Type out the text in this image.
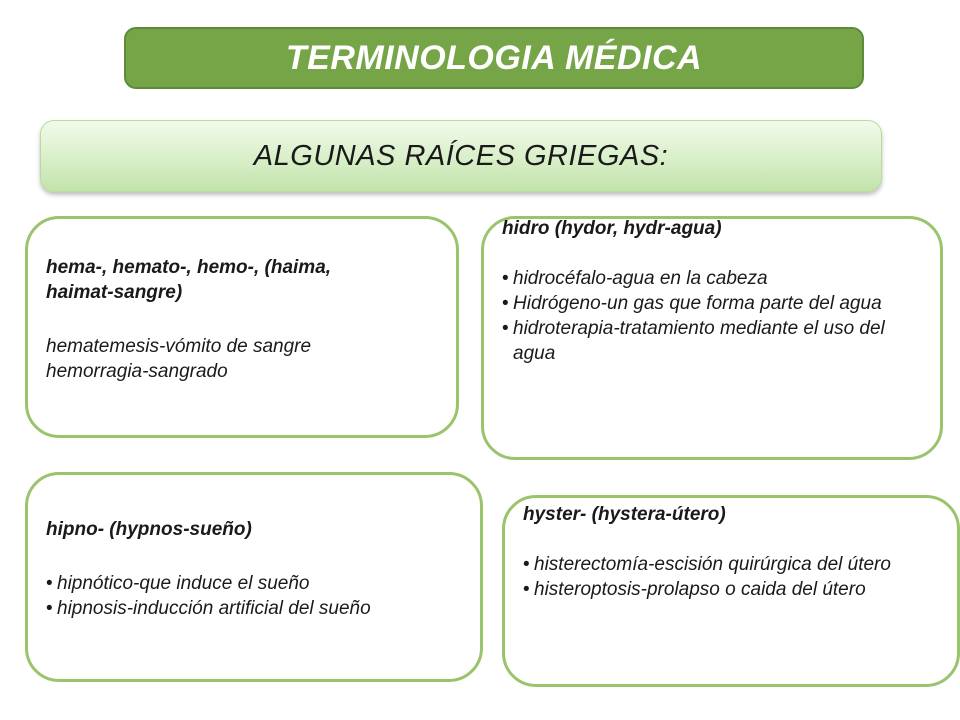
TERMINOLOGIA MÉDICA
ALGUNAS RAÍCES GRIEGAS:
hema-, hemato-, hemo-, (haima,
haimat-sangre)
hematemesis-vómito de sangre
hemorragia-sangrado
hidro (hydor, hydr-agua)
• hidrocéfalo-agua en la cabeza
• Hidrógeno-un gas que forma parte del agua
• hidroterapia-tratamiento mediante el uso del agua
hipno- (hypnos-sueño)
• hipnótico-que induce el sueño
• hipnosis-inducción artificial del sueño
hyster- (hystera-útero)
• histerectomía-escisión quirúrgica del útero
• histeroptosis-prolapso o caida del útero
